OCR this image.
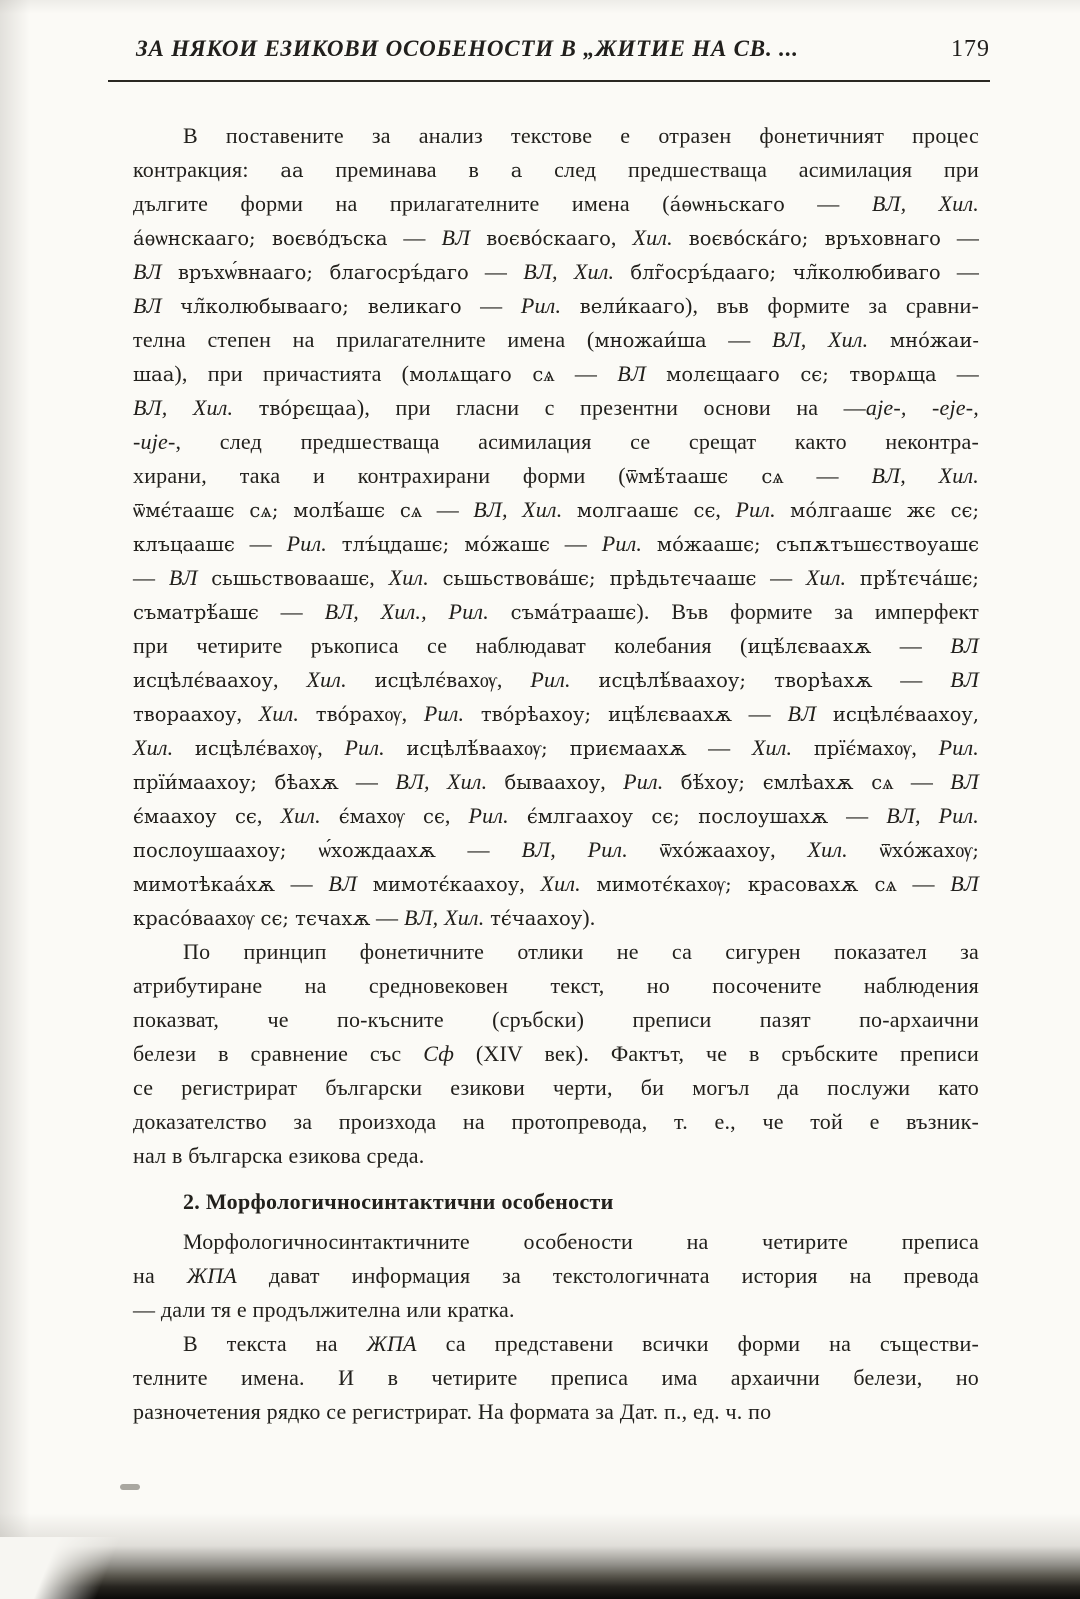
ЗА НЯКОИ ЕЗИКОВИ ОСОБЕНОСТИ В „ЖИТИЕ НА СВ. ...	179
В поставените за анализ текстове е отразен фонетичният процес
контракция: аа преминава в а след предшестваща асимилация при
дългите форми на прилагателните имена (а́ѳѡньскаго — ВЛ, Хил.
а́ѳѡнскааго; воєво́дъска — ВЛ воєво́скааго, Хил. воєво́ска́го; връховнаго —
ВЛ връхѡ́внааго; благосръ́даго — ВЛ, Хил. блг̃осръ́дааго; чл̃колюбиваго —
ВЛ чл̃колюбывааго; великаго — Рил. вели́кааго), във формите за сравни-
телна степен на прилагателните имена (множаи́ша — ВЛ, Хил. мно́жаи-
шаа), при причастията (молѧщаго сѧ — ВЛ молєщааго сє; творѧща —
ВЛ, Хил. тво́рєщаа), при гласни с презентни основи на —aje-, -eje-,
-uje-, след предшестваща асимилация се срещат както неконтра-
хирани, така и контрахирани форми (ѿмѣ́таашє сѧ — ВЛ, Хил.
ѿмє́таашє сѧ; молѣ́ашє сѧ — ВЛ, Хил. молгаашє сє, Рил. мо́лгаашє жє сє;
клъцаашє — Рил. тлъ́цдашє; мо́жашє — Рил. мо́жаашє; съпѫтъшєствоуашє
— ВЛ сьшьствоваашє, Хил. сьшьствова́шє; прѣдьтєчаашє — Хил. прѣ́тєча́шє;
съматрѣ́ашє — ВЛ, Хил., Рил. съма́траашє). Във формите за имперфект
при четирите ръкописа се наблюдават колебания (ицѣ́лєваахѫ — ВЛ
исцѣлє́ваахоу, Хил. исцѣлє́вахѹ, Рил. исцѣлѣ́ваахоу; творѣахѫ — ВЛ
твораахоу, Хил. тво́рахѹ, Рил. тво́рѣахоу; ицѣ́лєваахѫ — ВЛ исцѣлє́ваахоу,
Хил. исцѣлє́вахѹ, Рил. исцѣлѣ́ваахѹ; приємаахѫ — Хил. прїє́махѹ, Рил.
прїи́маахоу; бѣахѫ — ВЛ, Хил. бываахоу, Рил. бѣ́хоу; ємлѣахѫ сѧ — ВЛ
є́маахоу сє, Хил. є́махѹ сє, Рил. є́млгаахоу сє; послоушахѫ — ВЛ, Рил.
послоушаахоу; ѡ́хождаахѫ — ВЛ, Рил. ѿхо́жаахоу, Хил. ѿхо́жахѹ;
мимотѣкаа́хѫ — ВЛ мимотє́каахоу, Хил. мимотє́кахѹ; красовахѫ сѧ — ВЛ
красо́ваахѹ сє; тєчахѫ — ВЛ, Хил. тє́чаахоу).
По принцип фонетичните отлики не са сигурен показател за
атрибутиране на средновековен текст, но посочените наблюдения
показват, че по-късните (сръбски) преписи пазят по-архаични
белези в сравнение със Сф (XIV век). Фактът, че в сръбските преписи
се регистрират български езикови черти, би могъл да послужи като
доказателство за произхода на протопревода, т. е., че той е възник-
нал в българска езикова среда.
2. Морфологичносинтактични особености
Морфологичносинтактичните особености на четирите преписа
на ЖПА дават информация за текстологичната история на превода
— дали тя е продължителна или кратка.
В текста на ЖПА са представени всички форми на съществи-
телните имена. И в четирите преписа има архаични белези, но
разночетения рядко се регистрират. На формата за Дат. п., ед. ч. по
